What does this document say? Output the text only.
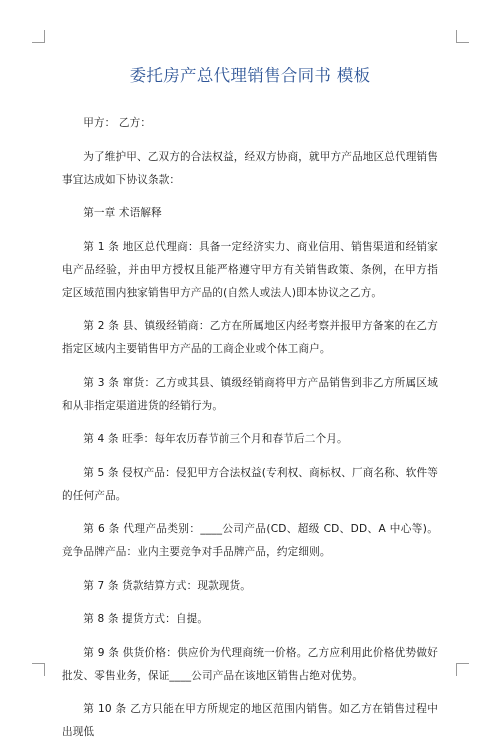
委托房产总代理销售合同书 模板

甲方： 乙方：

为了维护甲、乙双方的合法权益，经双方协商，就甲方产品地区总代理销售事宜达成如下协议条款：

第一章 术语解释

第 1 条 地区总代理商：具备一定经济实力、商业信用、销售渠道和经销家电产品经验，并由甲方授权且能严格遵守甲方有关销售政策、条例，在甲方指定区域范围内独家销售甲方产品的(自然人或法人)即本协议之乙方。

第 2 条 县、镇级经销商：乙方在所属地区内经考察并报甲方备案的在乙方指定区域内主要销售甲方产品的工商企业或个体工商户。

第 3 条 窜货：乙方或其县、镇级经销商将甲方产品销售到非乙方所属区域和从非指定渠道进货的经销行为。

第 4 条 旺季：每年农历春节前三个月和春节后二个月。

第 5 条 侵权产品：侵犯甲方合法权益(专利权、商标权、厂商名称、软件等的任何产品。

第 6 条 代理产品类别：____公司产品(CD、超级 CD、DD、A 中心等)。竞争品牌产品：业内主要竞争对手品牌产品，约定细则。

第 7 条 货款结算方式：现款现货。

第 8 条 提货方式：自提。

第 9 条 供货价格：供应价为代理商统一价格。乙方应利用此价格优势做好批发、零售业务，保证____公司产品在该地区销售占绝对优势。

第 10 条 乙方只能在甲方所规定的地区范围内销售。如乙方在销售过程中出现低
